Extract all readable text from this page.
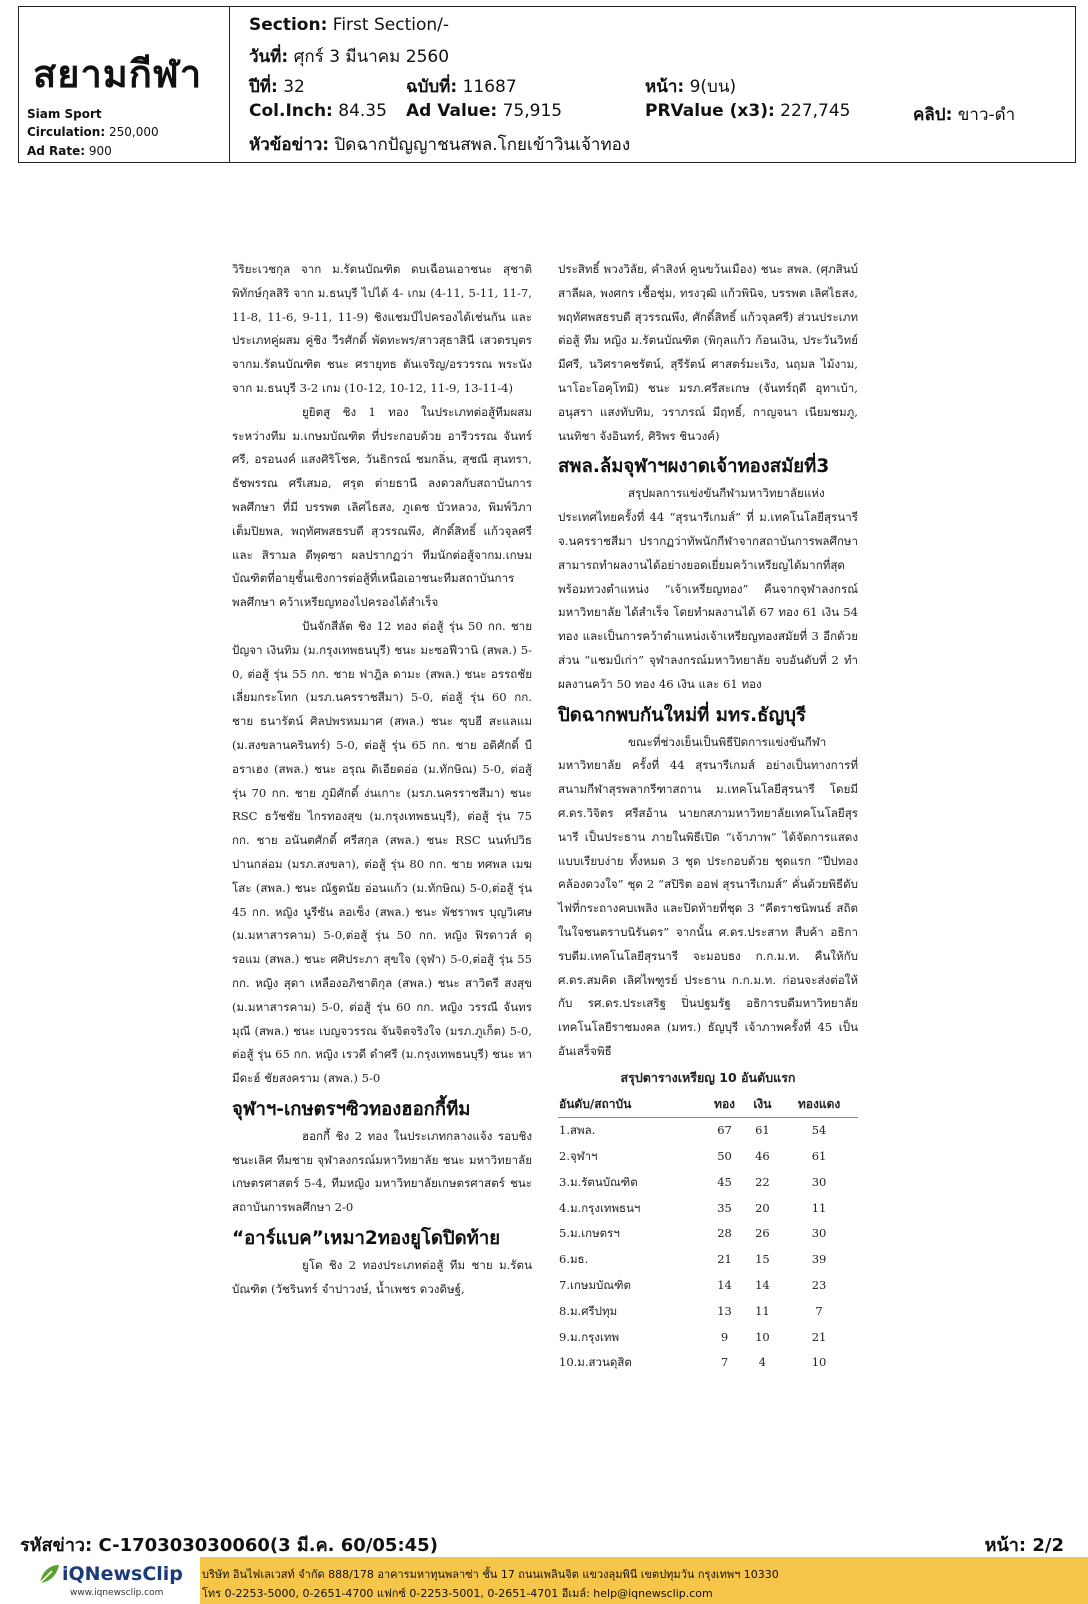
สยามกีฬา
Siam Sport
Circulation: 250,000
Ad Rate: 900
Section: First Section/-
วันที่: ศุกร์ 3 มีนาคม 2560
ปีที่: 32	ฉบับที่: 11687	หน้า: 9(บน)
Col.Inch: 84.35 Ad Value: 75,915	PRValue (x3): 227,745	คลิป: ขาว-ดำ
หัวข้อข่าว: ปิดฉากปัญญาชนสพล.โกยเข้าวินเจ้าทอง

วิริยะเวชกุล จาก ม.รัตนบัณฑิต ดบเฉือนเอาชนะ สุชาติ พิทักษ์กุลสิริ จาก ม.ธนบุรี ไปได้ 4- เกม (4-11, 5-11, 11-7, 11-8, 11-6, 9-11, 11-9) ชิงแชมป์ไปครองได้เช่นกัน และประเภทคู่ผสม คู่ชิง วีรศักดิ์ พัดทะพร/สาวสุธาสินี เสวตรบุตร จากม.รัตนบัณฑิต ชนะ ศรายุทธ ตันเจริญ/อรวรรณ พระนัง จาก ม.ธนบุรี 3-2 เกม (10-12, 10-12, 11-9, 13-11-4)

ยูยิตสู ชิง 1 ทอง ในประเภทต่อสู้ทีมผสมระหว่างทีม ม.เกษมบัณฑิต ที่ประกอบด้วย อารีวรรณ จันทร์ศรี, อรอนงค์ แสงศิริโชค, วันธิกรณ์ ชมกลิ่น, สุชณี สุนทรา, ธัชพรรณ ศรีเสมอ, ศรุต ต่ายธานี ลงดวลกับสถาบันการพลศึกษา ที่มี บรรพต เลิศไธสง, ภูเดช บัวหลวง, พิมพ์วิภา เต็มปิยพล, พฤทัศพสธรบดี สุวรรณพึง, ศักดิ์สิทธิ์ แก้วจุลศรี และ สิรามล ดีพุดซา ผลปรากฏว่า ทีมนักต่อสู้จากม.เกษมบัณฑิตที่อายุชั้นเชิงการต่อสู้ที่เหนือเอาชนะทีมสถาบันการพลศึกษา คว้าเหรียญทองไปครองได้สำเร็จ

ปันจักสีลัต ชิง 12 ทอง ต่อสู้ รุ่น 50 กก. ชาย ปัญจา เงินทิม (ม.กรุงเทพธนบุรี) ชนะ มะซอฟีวานิ (สพล.) 5-0, ต่อสู้ รุ่น 55 กก. ชาย ฟาฎิล ดามะ (สพล.) ชนะ อรรถชัย เลี่ยมกระโทก (มรภ.นครราชสีมา) 5-0, ต่อสู้ รุ่น 60 กก. ชาย ธนารัตน์ ศิลปพรหมมาศ (สพล.) ชนะ ซุบฮี สะแลแม (ม.สงขลานครินทร์) 5-0, ต่อสู้ รุ่น 65 กก. ชาย อดิศักดิ์ บือราเฮง (สพล.) ชนะ อรุณ ดิเอียดอ่อ (ม.ทักษิณ) 5-0, ต่อสู้ รุ่น 70 กก. ชาย ภูมิศักดิ์ ง่นเกาะ (มรภ.นครราชสีมา) ชนะ RSC ธวัชชัย ไกรทองสุข (ม.กรุงเทพธนบุรี), ต่อสู้ รุ่น 75 กก. ชาย อนันตศักดิ์ ศรีสกุล (สพล.) ชนะ RSC นนท์ปวิธ ปานกล่อม (มรภ.สงขลา), ต่อสู้ รุ่น 80 กก. ชาย ทศพล เมฆโสะ (สพล.) ชนะ ณัฐดนัย อ่อนแก้ว (ม.ทักษิณ) 5-0,ต่อสู้ รุ่น 45 กก. หญิง นูรีซัน ลอเซ็ง (สพล.) ชนะ พัชราพร บุญวิเศษ (ม.มหาสารคาม) 5-0,ต่อสู้ รุ่น 50 กก. หญิง ฟิรดาวส์ ดุรอแม (สพล.) ชนะ ศศิประภา สุขใจ (จุฬา) 5-0,ต่อสู้ รุ่น 55 กก. หญิง สุดา เหลืองอภิชาติกุล (สพล.) ชนะ สาวิตรี สงสุข (ม.มหาสารคาม) 5-0, ต่อสู้ รุ่น 60 กก. หญิง วรรณี จันทรมุณี (สพล.) ชนะ เบญจวรรณ จันจิตจริงใจ (มรภ.ภูเก็ต) 5-0, ต่อสู้ รุ่น 65 กก. หญิง เรวดี ดำศรี (ม.กรุงเทพธนบุรี) ชนะ หามีดะฮ์ ชัยสงคราม (สพล.) 5-0

จุฬาฯ-เกษตรฯซิวทองฮอกกี้ทีม

ฮอกกี้ ชิง 2 ทอง ในประเภทกลางแจ้ง รอบชิงชนะเลิศ ทีมชาย จุฬาลงกรณ์มหาวิทยาลัย ชนะ มหาวิทยาลัยเกษตรศาสตร์ 5-4, ทีมหญิง มหาวิทยาลัยเกษตรศาสตร์ ชนะ สถาบันการพลศึกษา 2-0

“อาร์แบค”เหมา2ทองยูโดปิดท้าย

ยูโด ชิง 2 ทองประเภทต่อสู้ ทีม ชาย ม.รัตนบัณฑิต (วัชรินทร์ จำปาวงษ์, น้ำเพชร ดวงดิษฐ์,

ประสิทธิ์ พวงวิลัย, คำสิงห์ คูนขว้นเมือง) ชนะ สพล. (ศุภสินบ์ สาลีผล, พงศกร เชื้อชุ่ม, ทรงวุฒิ แก้วพินิจ, บรรพต เลิศไธสง, พฤทัศพสธรบดี สุวรรณพึง, ศักดิ์สิทธิ์ แก้วจุลศรี) ส่วนประเภทต่อสู้ ทีม หญิง ม.รัตนบัณฑิต (พิกุลแก้ว ก้อนเงิน, ประวันวิทย์ มีศรี, นวิศราคชรัตน์, สุรีรัตน์ ศาสตร์มะเริง, นฤมล ไม้งาม, นาโอะโอคุโทมิ) ชนะ มรภ.ศรีสะเกษ (จันทร์ฤดี อุทาเบ้า, อนุสรา แสงทับทิม, วราภรณ์ มีฤทธิ์, กาญจนา เนียมชมภู, นนทิชา จังอินทร์, ศิริพร ชินวงค์)

สพล.ล้มจุฬาฯผงาดเจ้าทองสมัยที่3

สรุปผลการแข่งขันกีฬามหาวิทยาลัยแห่งประเทศไทยครั้งที่ 44 “สุรนารีเกมส์” ที่ ม.เทคโนโลยีสุรนารี จ.นครราชสีมา ปรากฏว่าทัพนักกีฬาจากสถาบันการพลศึกษา สามารถทำผลงานได้อย่างยอดเยี่ยมคว้าเหรียญได้มากที่สุด พร้อมทวงตำแหน่ง “เจ้าเหรียญทอง” คืนจากจุฬาลงกรณ์มหาวิทยาลัย ได้สำเร็จ โดยทำผลงานได้ 67 ทอง 61 เงิน 54 ทอง และเป็นการคว้าตำแหน่งเจ้าเหรียญทองสมัยที่ 3 อีกด้วย ส่วน “แชมป์เก่า” จุฬาลงกรณ์มหาวิทยาลัย จบอันดับที่ 2 ทำผลงานคว้า 50 ทอง 46 เงิน และ 61 ทอง

ปิดฉากพบกันใหม่ที่ มทร.ธัญบุรี

ขณะที่ช่วงเย็นเป็นพิธีปิดการแข่งขันกีฬามหาวิทยาลัย ครั้งที่ 44 สุรนารีเกมส์ อย่างเป็นทางการที่สนามกีฬาสุรพลากรีฑาสถาน ม.เทคโนโลยีสุรนารี โดยมี ศ.ดร.วิจิตร ศรีสอ้าน นายกสภามหาวิทยาลัยเทคโนโลยีสุรนารี เป็นประธาน ภายในพิธีเปิด “เจ้าภาพ” ได้จัดการแสดงแบบเรียบง่าย ทั้งหมด 3 ชุด ประกอบด้วย ชุดแรก “ปีปทอง คล้องดวงใจ” ชุด 2 “สปิริต ออฟ สุรนารีเกมส์” คั่นด้วยพิธีดับไฟที่กระถางคบเพลิง และปิดท้ายที่ชุด 3 “คีตราชนิพนธ์ สถิตในใจชนตราบนิรันดร” จากนั้น ศ.ดร.ประสาท สืบค้า อธิการบดีม.เทคโนโลยีสุรนารี จะมอบธง ก.ก.ม.ท. คืนให้กับ ศ.ดร.สมคิด เลิศไพฑูรย์ ประธาน ก.ก.ม.ท. ก่อนจะส่งต่อให้กับ รศ.ดร.ประเสริฐ ปิ่นปฐมรัฐ อธิการบดีมหาวิทยาลัยเทคโนโลยีราชมงคล (มทร.) ธัญบุรี เจ้าภาพครั้งที่ 45 เป็นอันเสร็จพิธี

สรุปตารางเหรียญ 10 อันดับแรก
อันดับ/สถาบัน	ทอง	เงิน	ทองแดง
1.สพล.	67	61	54
2.จุฬาฯ	50	46	61
3.ม.รัตนบัณฑิต	45	22	30
4.ม.กรุงเทพธนฯ	35	20	11
5.ม.เกษตรฯ	28	26	30
6.มธ.	21	15	39
7.เกษมบัณฑิต	14	14	23
8.ม.ศรีปทุม	13	11	7
9.ม.กรุงเทพ	9	10	21
10.ม.สวนดุสิต	7	4	10
รหัสข่าว: C-170303030060(3 มี.ค. 60/05:45)	หน้า: 2/2
iQNewsClip
www.iqnewsclip.com
บริษัท อินไฟเลเวสท์ จำกัด 888/178 อาคารมหาทุนพลาซ่า ชั้น 17 ถนนเพลินจิต แขวงลุมพินี เขตปทุมวัน กรุงเทพฯ 10330
โทร 0-2253-5000, 0-2651-4700 แฟกซ์ 0-2253-5001, 0-2651-4701 อีเมล์: help@iqnewsclip.com
